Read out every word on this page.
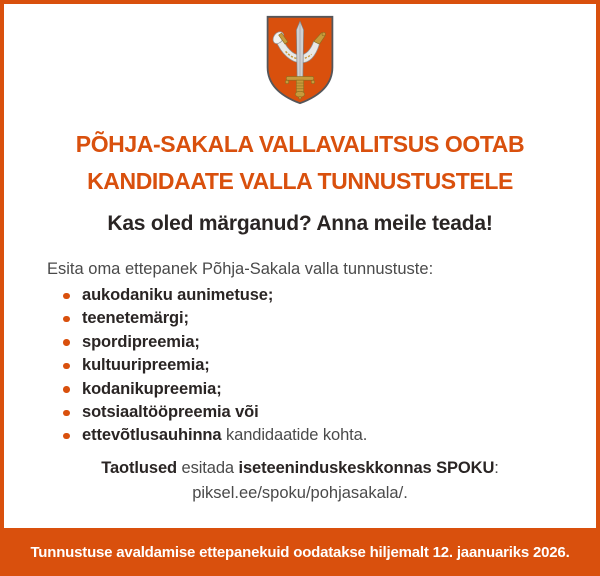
PÕHJA-SAKALA VALLAVALITSUS OOTAB
KANDIDAATE VALLA TUNNUSTUSTELE
Kas oled märganud? Anna meile teada!

Esita oma ettepanek Põhja-Sakala valla tunnustuste:

aukodaniku aunimetuse;
teenetemärgi;
spordipreemia;
kultuuripreemia;
kodanikupreemia;
sotsiaaltööpreemia või
ettevõtlusauhinna kandidaatide kohta.

Taotlused esitada iseteeninduskeskkonnas SPOKU:

piksel.ee/spoku/pohjasakala/.

Tunnustuse avaldamise ettepanekuid oodatakse hiljemalt 12. jaanuariks 2026.
